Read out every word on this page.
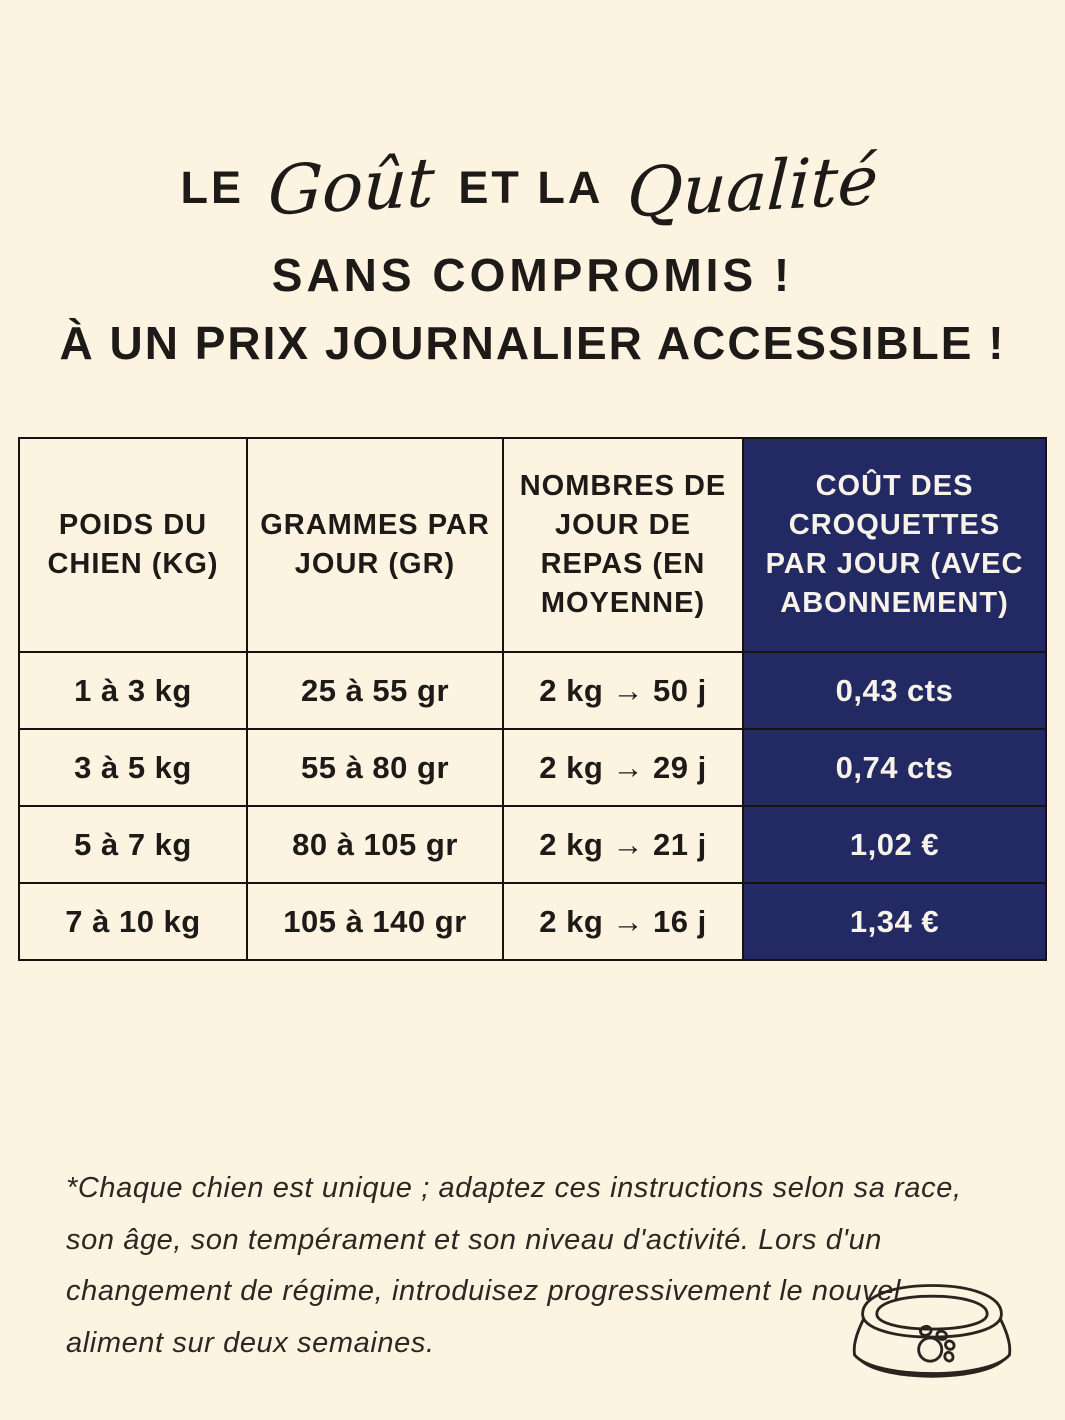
LE Goût ET LA Qualité
SANS COMPROMIS !
À UN PRIX JOURNALIER ACCESSIBLE !
POIDS DU CHIEN (KG)	GRAMMES PAR JOUR (GR)	NOMBRES DE JOUR DE REPAS (EN MOYENNE)	COÛT DES CROQUETTES PAR JOUR (AVEC ABONNEMENT)
1 à 3 kg	25 à 55 gr	2 kg → 50 j	0,43 cts
3 à 5 kg	55 à 80 gr	2 kg → 29 j	0,74 cts
5 à 7 kg	80 à 105 gr	2 kg → 21 j	1,02 €
7 à 10 kg	105 à 140 gr	2 kg → 16 j	1,34 €

*Chaque chien est unique ; adaptez ces instructions selon sa race, son âge, son tempérament et son niveau d'activité. Lors d'un changement de régime, introduisez progressivement le nouvel aliment sur deux semaines.
